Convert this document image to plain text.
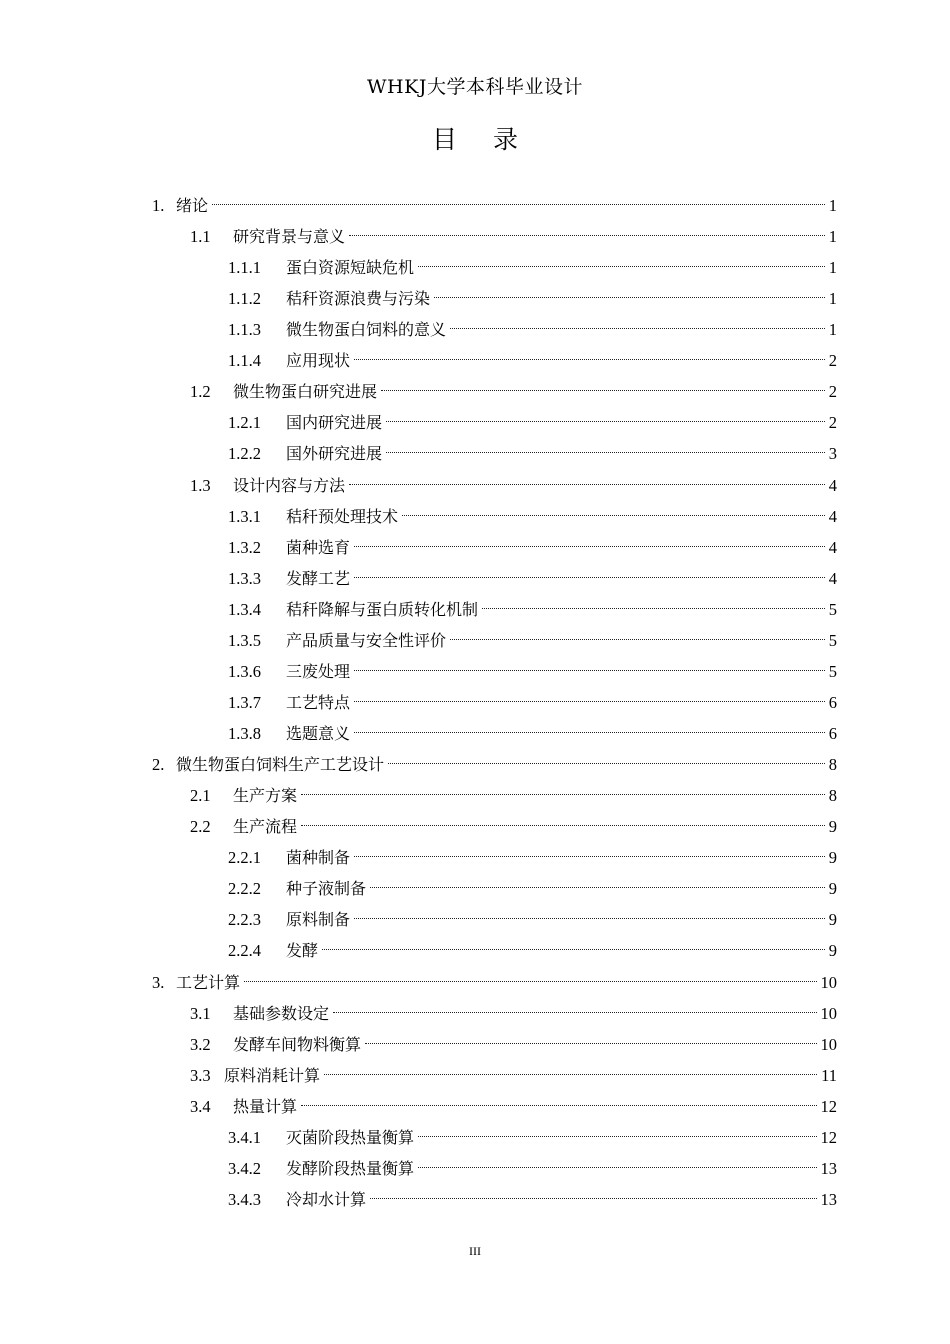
WHKJ大学本科毕业设计
目 录
1. 绪论	1
1.1	研究背景与意义	1
1.1.1	蛋白资源短缺危机	1
1.1.2	秸秆资源浪费与污染	1
1.1.3	微生物蛋白饲料的意义	1
1.1.4	应用现状	2
1.2	微生物蛋白研究进展	2
1.2.1	国内研究进展	2
1.2.2	国外研究进展	3
1.3	设计内容与方法	4
1.3.1	秸秆预处理技术	4
1.3.2	菌种选育	4
1.3.3	发酵工艺	4
1.3.4	秸秆降解与蛋白质转化机制	5
1.3.5	产品质量与安全性评价	5
1.3.6	三废处理	5
1.3.7	工艺特点	6
1.3.8	选题意义	6
2. 微生物蛋白饲料生产工艺设计	8
2.1	生产方案	8
2.2	生产流程	9
2.2.1	菌种制备	9
2.2.2	种子液制备	9
2.2.3	原料制备	9
2.2.4	发酵	9
3. 工艺计算	10
3.1	基础参数设定	10
3.2	发酵车间物料衡算	10
3.3 原料消耗计算	11
3.4	热量计算	12
3.4.1	灭菌阶段热量衡算	12
3.4.2	发酵阶段热量衡算	13
3.4.3	冷却水计算	13
III
